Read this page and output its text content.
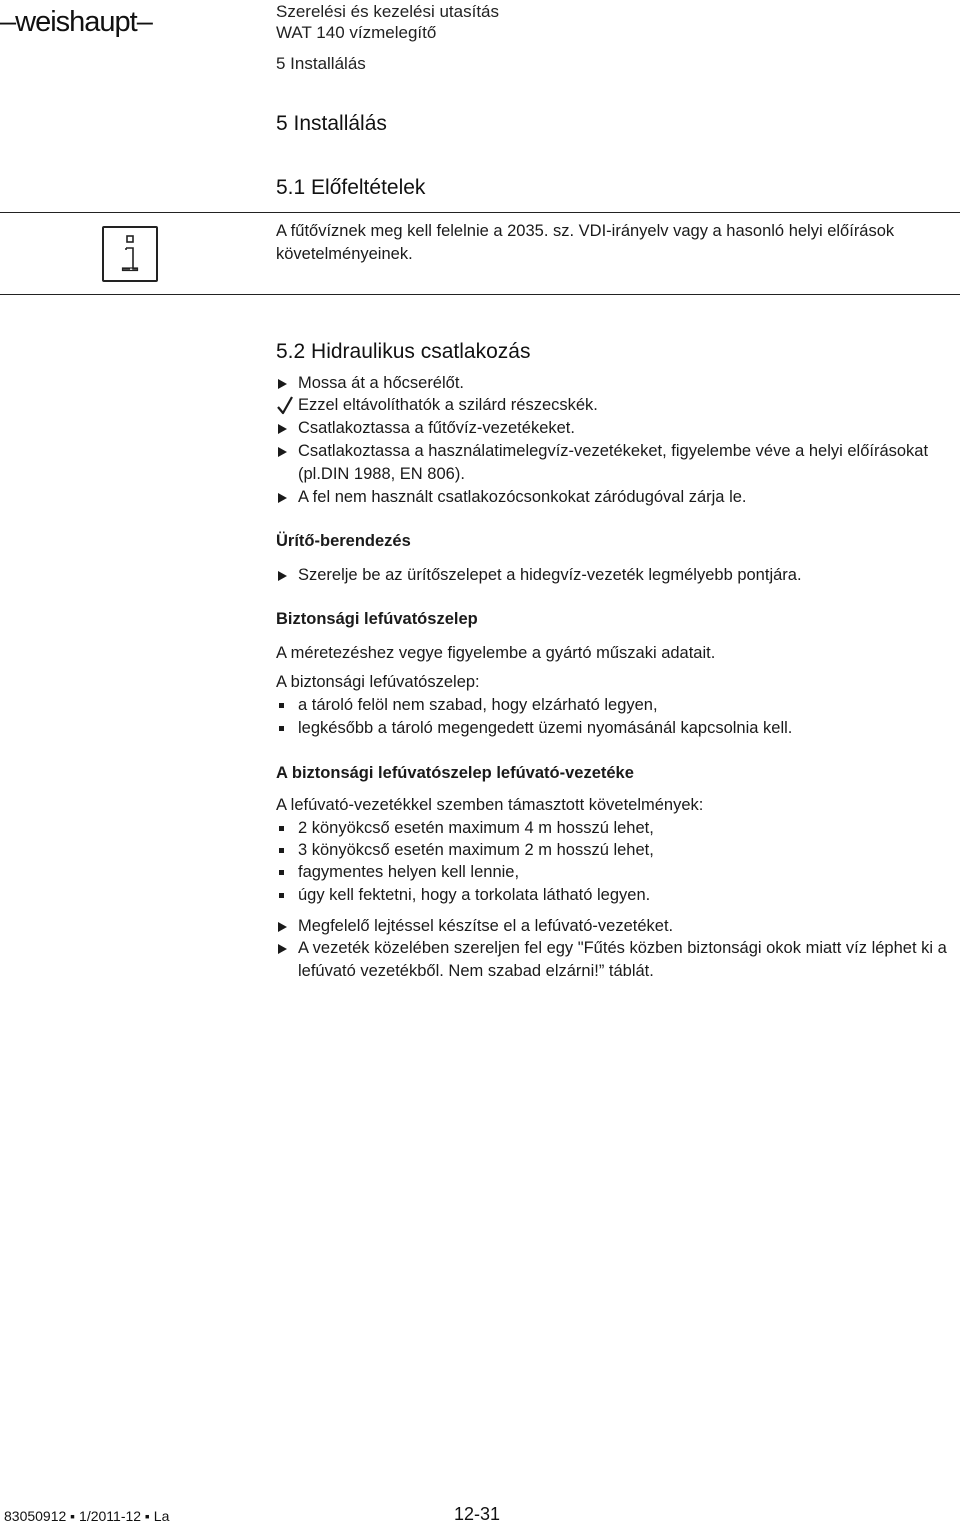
–weishaupt–	Szerelési és kezelési utasítás
WAT 140 vízmelegítő
5 Installálás
5 Installálás
5.1 Előfeltételek
A fűtővíznek meg kell felelnie a 2035. sz. VDI-irányelv vagy a hasonló helyi előírások követelményeinek.
5.2 Hidraulikus csatlakozás
Mossa át a hőcserélőt.
Ezzel eltávolíthatók a szilárd részecskék.
Csatlakoztassa a fűtővíz-vezetékeket.
Csatlakoztassa a használatimelegvíz-vezetékeket, figyelembe véve a helyi előírásokat (pl.DIN 1988, EN 806).
A fel nem használt csatlakozócsonkokat záródugóval zárja le.
Ürítő-berendezés
Szerelje be az ürítőszelepet a hidegvíz-vezeték legmélyebb pontjára.
Biztonsági lefúvatószelep
A méretezéshez vegye figyelembe a gyártó műszaki adatait.
A biztonsági lefúvatószelep:
a tároló felöl nem szabad, hogy elzárható legyen,
legkésőbb a tároló megengedett üzemi nyomásánál kapcsolnia kell.
A biztonsági lefúvatószelep lefúvató-vezetéke
A lefúvató-vezetékkel szemben támasztott követelmények:
2 könyökcső esetén maximum 4 m hosszú lehet,
3 könyökcső esetén maximum 2 m hosszú lehet,
fagymentes helyen kell lennie,
úgy kell fektetni, hogy a torkolata látható legyen.
Megfelelő lejtéssel készítse el a lefúvató-vezetéket.
A vezeték közelében szereljen fel egy "Fűtés közben biztonsági okok miatt víz léphet ki a lefúvató vezetékből. Nem szabad elzárni!” táblát.
83050912 ▪ 1/2011-12 ▪ La	12-31
